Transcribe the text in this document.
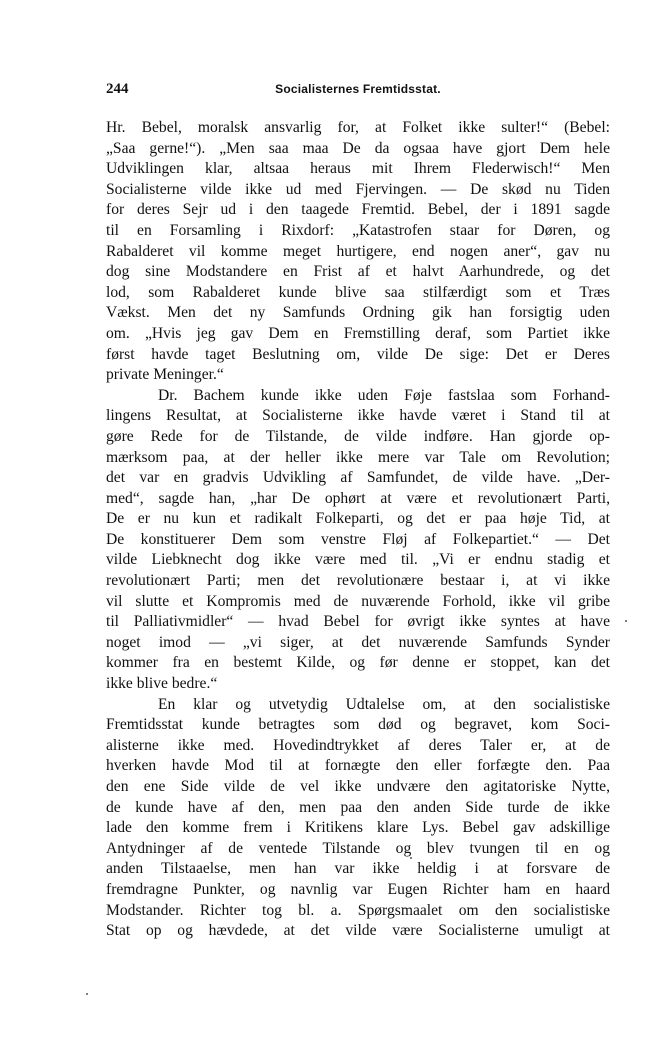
244	Socialisternes Fremtidsstat.
Hr. Bebel, moralsk ansvarlig for, at Folket ikke sulter!“ (Bebel:
„Saa gerne!“). „Men saa maa De da ogsaa have gjort Dem hele
Udviklingen klar, altsaa heraus mit Ihrem Flederwisch!“ Men
Socialisterne vilde ikke ud med Fjervingen. — De skød nu Tiden
for deres Sejr ud i den taagede Fremtid. Bebel, der i 1891 sagde
til en Forsamling i Rixdorf: „Katastrofen staar for Døren, og
Rabalderet vil komme meget hurtigere, end nogen aner“, gav nu
dog sine Modstandere en Frist af et halvt Aarhundrede, og det
lod, som Rabalderet kunde blive saa stilfærdigt som et Træs
Vækst. Men det ny Samfunds Ordning gik han forsigtig uden
om. „Hvis jeg gav Dem en Fremstilling deraf, som Partiet ikke
først havde taget Beslutning om, vilde De sige: Det er Deres
private Meninger.“
Dr. Bachem kunde ikke uden Føje fastslaa som Forhand-
lingens Resultat, at Socialisterne ikke havde været i Stand til at
gøre Rede for de Tilstande, de vilde indføre. Han gjorde op-
mærksom paa, at der heller ikke mere var Tale om Revolution;
det var en gradvis Udvikling af Samfundet, de vilde have. „Der-
med“, sagde han, „har De ophørt at være et revolutionært Parti,
De er nu kun et radikalt Folkeparti, og det er paa høje Tid, at
De konstituerer Dem som venstre Fløj af Folkepartiet.“ — Det
vilde Liebknecht dog ikke være med til. „Vi er endnu stadig et
revolutionært Parti; men det revolutionære bestaar i, at vi ikke
vil slutte et Kompromis med de nuværende Forhold, ikke vil gribe
til Palliativmidler“ — hvad Bebel for øvrigt ikke syntes at have
noget imod — „vi siger, at det nuværende Samfunds Synder
kommer fra en bestemt Kilde, og før denne er stoppet, kan det
ikke blive bedre.“
En klar og utvetydig Udtalelse om, at den socialistiske
Fremtidsstat kunde betragtes som død og begravet, kom Soci-
alisterne ikke med. Hovedindtrykket af deres Taler er, at de
hverken havde Mod til at fornægte den eller forfægte den. Paa
den ene Side vilde de vel ikke undvære den agitatoriske Nytte,
de kunde have af den, men paa den anden Side turde de ikke
lade den komme frem i Kritikens klare Lys. Bebel gav adskillige
Antydninger af de ventede Tilstande og blev tvungen til en og
anden Tilstaaelse, men han var ikke heldig i at forsvare de
fremdragne Punkter, og navnlig var Eugen Richter ham en haard
Modstander. Richter tog bl. a. Spørgsmaalet om den socialistiske
Stat op og hævdede, at det vilde være Socialisterne umuligt at
